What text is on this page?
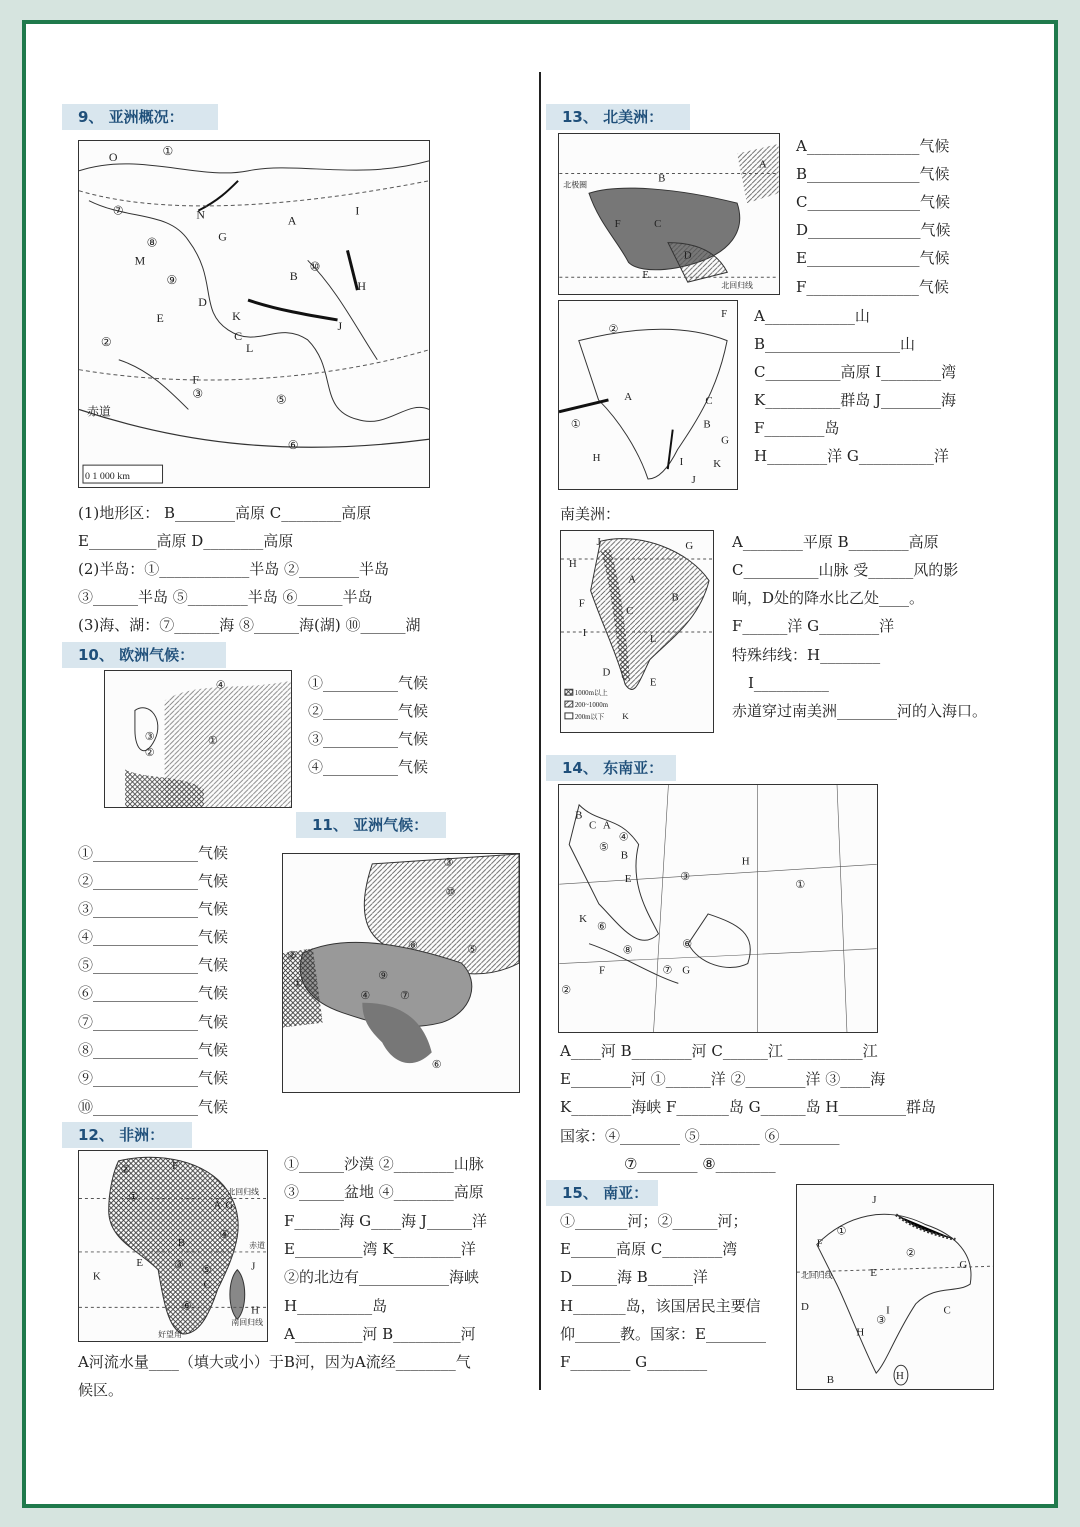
9、 亚洲概况：
O	①
N
G
A
I
⑦
⑧
M
⑨	B
⑩
H
D
K
E
C
L
J
②
F
③	⑤
⑥
赤道
0 1 000 km
(1)地形区： B________高原 C________高原
E_________高原 D________高原
(2)半岛：①____________半岛 ②________半岛
③______半岛 ⑤________半岛 ⑥______半岛
(3)海、湖：⑦______海 ⑧______海(湖) ⑩______湖
10、 欧洲气候：
④
①
②
③
①__________气候
②__________气候
③__________气候
④__________气候
11、 亚洲气候：
①______________气候
②______________气候
③______________气候
④______________气候
⑤______________气候
⑥______________气候
⑦______________气候
⑧______________气候
⑨______________气候
⑩______________气候
③
⑩
⑧	⑤
⑨
④	⑦
②
①
⑥
12、 非洲：
北回归线
赤道
南回归线
好望角
②	F
①
A G
④
B
E	③ ⑤
C
J
K
⑥	H
①______沙漠 ②________山脉
③______盆地 ④________高原
F______海 G____海 J______洋
E_________湾 K_________洋
②的北边有____________海峡
H__________岛
A_________河 B_________河
A河流水量____（填大或小）于B河，因为A流经________气
候区。
13、 北美洲：
北极圈
北回归线
A
B
C
F
D
E
A_______________气候
B_______________气候
C_______________气候
D_______________气候
E_______________气候
F_______________气候
②
F
A	C
B
G
①
H	I	K
J
A____________山
B__________________山
C__________高原 I________湾
K__________群岛 J________海
F________岛
H________洋 G__________洋
南美洲：
H
J	G
A
B
F
C
I	L
D
E
K
1000m以上
200~1000m
200m以下
A________平原 B________高原
C__________山脉 受______风的影
响，D处的降水比乙处____。
F______洋 G________洋
特殊纬线：H________
I__________
赤道穿过南美洲________河的入海口。
14、 东南亚：
B
C A
④
⑤
B
E	③
H
①
K
⑥
⑧	⑥
F	⑦ G
②
A____河 B________河 C______江 __________江
E________河 ①______洋 ②________洋 ③____海
K________海峡 F_______岛 G______岛 H_________群岛
国家：④________ ⑤________ ⑥________
⑦________ ⑧________
15、 南亚：
①_______河；②______河；
E______高原 C________湾
D______海 B______洋
H_______岛，该国居民主要信
仰______教。国家：E________
F________ G________
北回归线
J
①
F
②
E
G
D	C
I
H
③
H
B
